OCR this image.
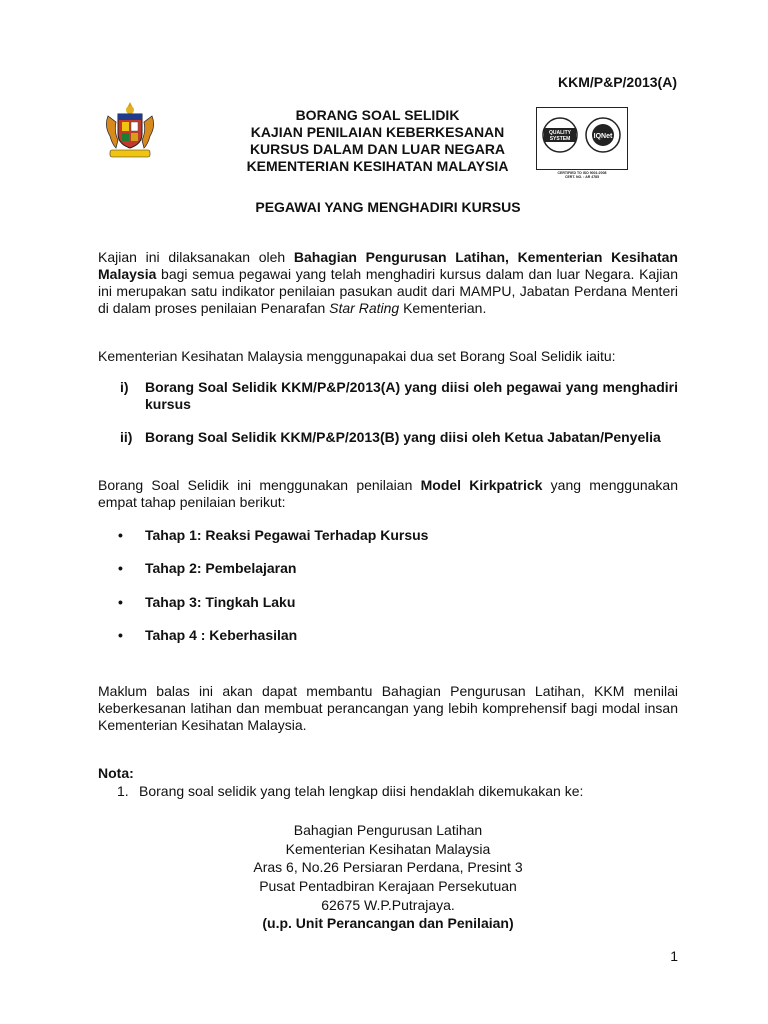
KKM/P&P/2013(A)
BORANG SOAL SELIDIK
KAJIAN PENILAIAN KEBERKESANAN
KURSUS DALAM DAN LUAR NEGARA
KEMENTERIAN KESIHATAN MALAYSIA
QUALITY
SYSTEM	IQNet
CERTIFIED TO ISO 9001:2008
CERT. NO. : AR 4785
PEGAWAI YANG MENGHADIRI KURSUS
Kajian ini dilaksanakan oleh Bahagian Pengurusan Latihan, Kementerian Kesihatan Malaysia bagi semua pegawai yang telah menghadiri kursus dalam dan luar Negara. Kajian ini merupakan satu indikator penilaian pasukan audit dari MAMPU, Jabatan Perdana Menteri di dalam proses penilaian Penarafan Star Rating Kementerian.
Kementerian Kesihatan Malaysia menggunapakai dua set Borang Soal Selidik iaitu:
i) Borang Soal Selidik KKM/P&P/2013(A) yang diisi oleh pegawai yang menghadiri kursus
ii) Borang Soal Selidik KKM/P&P/2013(B) yang diisi oleh Ketua Jabatan/Penyelia
Borang Soal Selidik ini menggunakan penilaian Model Kirkpatrick yang menggunakan empat tahap penilaian berikut:
• Tahap 1: Reaksi Pegawai Terhadap Kursus
• Tahap 2: Pembelajaran
• Tahap 3: Tingkah Laku
• Tahap 4 : Keberhasilan
Maklum balas ini akan dapat membantu Bahagian Pengurusan Latihan, KKM menilai keberkesanan latihan dan membuat perancangan yang lebih komprehensif bagi modal insan Kementerian Kesihatan Malaysia.
Nota:
1. Borang soal selidik yang telah lengkap diisi hendaklah dikemukakan ke:
Bahagian Pengurusan Latihan
Kementerian Kesihatan Malaysia
Aras 6, No.26 Persiaran Perdana, Presint 3
Pusat Pentadbiran Kerajaan Persekutuan
62675 W.P.Putrajaya.
(u.p. Unit Perancangan dan Penilaian)
1
